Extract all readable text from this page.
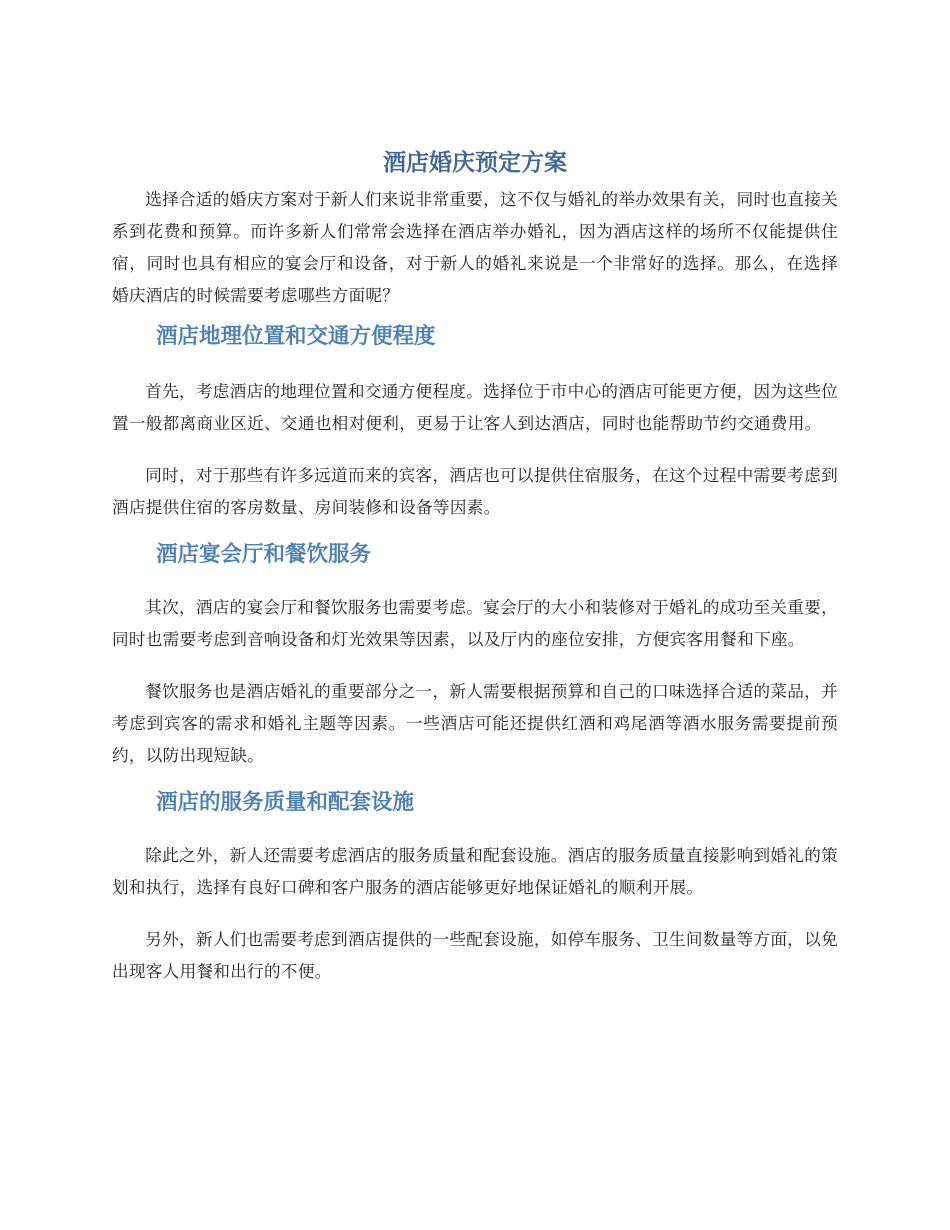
酒店婚庆预定方案

选择合适的婚庆方案对于新人们来说非常重要，这不仅与婚礼的举办效果有关，同时也直接关系到花费和预算。而许多新人们常常会选择在酒店举办婚礼，因为酒店这样的场所不仅能提供住宿，同时也具有相应的宴会厅和设备，对于新人的婚礼来说是一个非常好的选择。那么，在选择婚庆酒店的时候需要考虑哪些方面呢？

酒店地理位置和交通方便程度

首先，考虑酒店的地理位置和交通方便程度。选择位于市中心的酒店可能更方便，因为这些位置一般都离商业区近、交通也相对便利，更易于让客人到达酒店，同时也能帮助节约交通费用。

同时，对于那些有许多远道而来的宾客，酒店也可以提供住宿服务，在这个过程中需要考虑到酒店提供住宿的客房数量、房间装修和设备等因素。

酒店宴会厅和餐饮服务

其次，酒店的宴会厅和餐饮服务也需要考虑。宴会厅的大小和装修对于婚礼的成功至关重要，同时也需要考虑到音响设备和灯光效果等因素，以及厅内的座位安排，方便宾客用餐和下座。

餐饮服务也是酒店婚礼的重要部分之一，新人需要根据预算和自己的口味选择合适的菜品，并考虑到宾客的需求和婚礼主题等因素。一些酒店可能还提供红酒和鸡尾酒等酒水服务需要提前预约，以防出现短缺。

酒店的服务质量和配套设施

除此之外，新人还需要考虑酒店的服务质量和配套设施。酒店的服务质量直接影响到婚礼的策划和执行，选择有良好口碑和客户服务的酒店能够更好地保证婚礼的顺利开展。

另外，新人们也需要考虑到酒店提供的一些配套设施，如停车服务、卫生间数量等方面，以免出现客人用餐和出行的不便。
